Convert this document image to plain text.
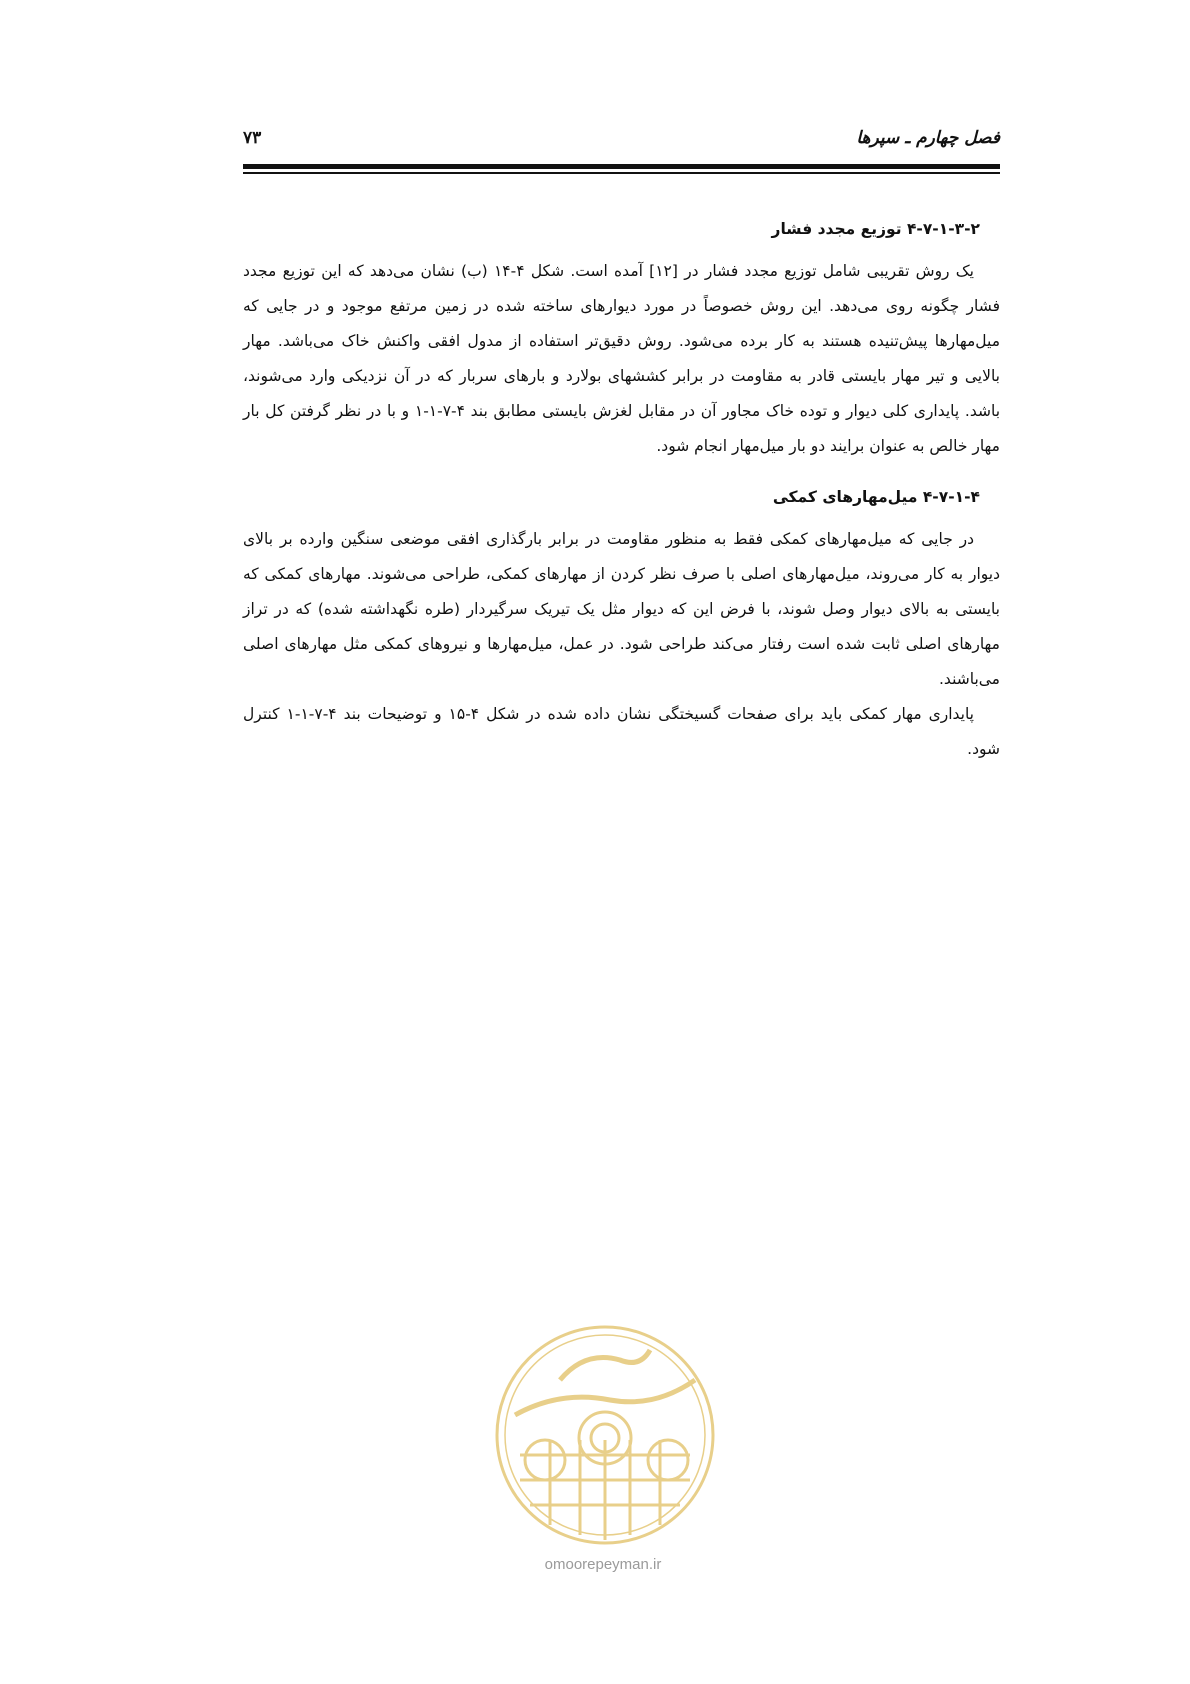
فصل چهارم ـ سپرها
۷۳
۴-۷-۱-۳-۲ توزیع مجدد فشار

یک روش تقریبی شامل توزیع مجدد فشار در [۱۲] آمده است. شکل ۴-۱۴ (ب) نشان می‌دهد که این توزیع مجدد فشار چگونه روی می‌دهد. این روش خصوصاً در مورد دیوارهای ساخته شده در زمین مرتفع موجود و در جایی که میل‌مهارها پیش‌تنیده هستند به کار برده می‌شود. روش دقیق‌تر استفاده از مدول افقی واکنش خاک می‌باشد. مهار بالایی و تیر مهار بایستی قادر به مقاومت در برابر کششهای بولارد و بارهای سربار که در آن نزدیکی وارد می‌شوند، باشد. پایداری کلی دیوار و توده خاک مجاور آن در مقابل لغزش بایستی مطابق بند ۴-۷-۱-۱ و با در نظر گرفتن کل بار مهار خالص به عنوان برایند دو بار میل‌مهار انجام شود.

۴-۷-۱-۴ میل‌مهارهای کمکی

در جایی که میل‌مهارهای کمکی فقط به منظور مقاومت در برابر بارگذاری افقی موضعی سنگین وارده بر بالای دیوار به کار می‌روند، میل‌مهارهای اصلی با صرف نظر کردن از مهارهای کمکی، طراحی می‌شوند. مهارهای کمکی که بایستی به بالای دیوار وصل شوند، با فرض این که دیوار مثل یک تیریک سرگیردار (طره نگهداشته شده) که در تراز مهارهای اصلی ثابت شده است رفتار می‌کند طراحی شود. در عمل، میل‌مهارها و نیروهای کمکی مثل مهارهای اصلی می‌باشند.

پایداری مهار کمکی باید برای صفحات گسیختگی نشان داده شده در شکل ۴-۱۵ و توضیحات بند ۴-۷-۱-۱ کنترل شود.

omoorepeyman.ir
